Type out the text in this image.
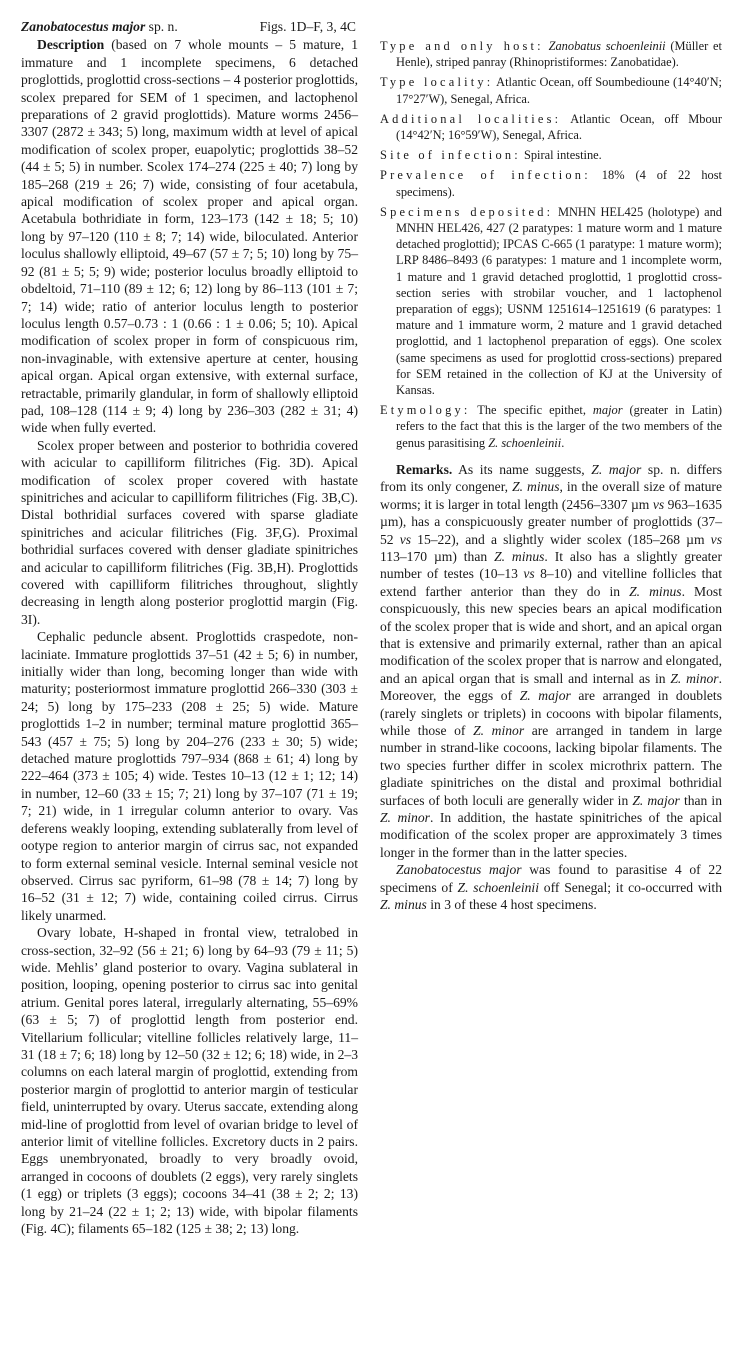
Zanobatocestus major sp. n.	Figs. 1D–F, 3, 4C

Description (based on 7 whole mounts – 5 mature, 1 immature and 1 incomplete specimens, 6 detached proglottids, proglottid cross-sections – 4 posterior proglottids, scolex prepared for SEM of 1 specimen, and lactophenol preparations of 2 gravid proglottids). Mature worms 2456–3307 (2872 ± 343; 5) long, maximum width at level of apical modification of scolex proper, euapolytic; proglottids 38–52 (44 ± 5; 5) in number. Scolex 174–274 (225 ± 40; 7) long by 185–268 (219 ± 26; 7) wide, consisting of four acetabula, apical modification of scolex proper and apical organ. Acetabula bothridiate in form, 123–173 (142 ± 18; 5; 10) long by 97–120 (110 ± 8; 7; 14) wide, biloculated. Anterior loculus shallowly elliptoid, 49–67 (57 ± 7; 5; 10) long by 75–92 (81 ± 5; 5; 9) wide; posterior loculus broadly elliptoid to obdeltoid, 71–110 (89 ± 12; 6; 12) long by 86–113 (101 ± 7; 7; 14) wide; ratio of anterior loculus length to posterior loculus length 0.57–0.73 : 1 (0.66 : 1 ± 0.06; 5; 10). Apical modification of scolex proper in form of conspicuous rim, non-invaginable, with extensive aperture at center, housing apical organ. Apical organ extensive, with external surface, retractable, primarily glandular, in form of shallowly elliptoid pad, 108–128 (114 ± 9; 4) long by 236–303 (282 ± 31; 4) wide when fully everted.

Scolex proper between and posterior to bothridia covered with acicular to capilliform filitriches (Fig. 3D). Apical modification of scolex proper covered with hastate spinitriches and acicular to capilliform filitriches (Fig. 3B,C). Distal bothridial surfaces covered with sparse gladiate spinitriches and acicular filitriches (Fig. 3F,G). Proximal bothridial surfaces covered with denser gladiate spinitriches and acicular to capilliform filitriches (Fig. 3B,H). Proglottids covered with capilliform filitriches throughout, slightly decreasing in length along posterior proglottid margin (Fig. 3I).

Cephalic peduncle absent. Proglottids craspedote, non-laciniate. Immature proglottids 37–51 (42 ± 5; 6) in number, initially wider than long, becoming longer than wide with maturity; posteriormost immature proglottid 266–330 (303 ± 24; 5) long by 175–233 (208 ± 25; 5) wide. Mature proglottids 1–2 in number; terminal mature proglottid 365–543 (457 ± 75; 5) long by 204–276 (233 ± 30; 5) wide; detached mature proglottids 797–934 (868 ± 61; 4) long by 222–464 (373 ± 105; 4) wide. Testes 10–13 (12 ± 1; 12; 14) in number, 12–60 (33 ± 15; 7; 21) long by 37–107 (71 ± 19; 7; 21) wide, in 1 irregular column anterior to ovary. Vas deferens weakly looping, extending sublaterally from level of ootype region to anterior margin of cirrus sac, not expanded to form external seminal vesicle. Internal seminal vesicle not observed. Cirrus sac pyriform, 61–98 (78 ± 14; 7) long by 16–52 (31 ± 12; 7) wide, containing coiled cirrus. Cirrus likely unarmed.

Ovary lobate, H-shaped in frontal view, tetralobed in cross-section, 32–92 (56 ± 21; 6) long by 64–93 (79 ± 11; 5) wide. Mehlis’ gland posterior to ovary. Vagina sublateral in position, looping, opening posterior to cirrus sac into genital atrium. Genital pores lateral, irregularly alternating, 55–69% (63 ± 5; 7) of proglottid length from posterior end. Vitellarium follicular; vitelline follicles relatively large, 11–31 (18 ± 7; 6; 18) long by 12–50 (32 ± 12; 6; 18) wide, in 2–3 columns on each lateral margin of proglottid, extending from posterior margin of proglottid to anterior margin of testicular field, uninterrupted by ovary. Uterus saccate, extending along mid-line of proglottid from level of ovarian bridge to level of anterior limit of vitelline follicles. Excretory ducts in 2 pairs. Eggs unembryonated, broadly to very broadly ovoid, arranged in cocoons of doublets (2 eggs), very rarely singlets (1 egg) or triplets (3 eggs); cocoons 34–41 (38 ± 2; 2; 13) long by 21–24 (22 ± 1; 2; 13) wide, with bipolar filaments (Fig. 4C); filaments 65–182 (125 ± 38; 2; 13) long.

Type and only host: Zanobatus schoenleinii (Müller et Henle), striped panray (Rhinopristiformes: Zanobatidae).

Type locality: Atlantic Ocean, off Soumbedioune (14°40′N; 17°27′W), Senegal, Africa.

Additional localities: Atlantic Ocean, off Mbour (14°42′N; 16°59′W), Senegal, Africa.

Site of infection: Spiral intestine.

Prevalence of infection: 18% (4 of 22 host specimens).

Specimens deposited: MNHN HEL425 (holotype) and MNHN HEL426, 427 (2 paratypes: 1 mature worm and 1 mature detached proglottid); IPCAS C-665 (1 paratype: 1 mature worm); LRP 8486–8493 (6 paratypes: 1 mature and 1 incomplete worm, 1 mature and 1 gravid detached proglottid, 1 proglottid cross-section series with strobilar voucher, and 1 lactophenol preparation of eggs); USNM 1251614–1251619 (6 paratypes: 1 mature and 1 immature worm, 2 mature and 1 gravid detached proglottid, and 1 lactophenol preparation of eggs). One scolex (same specimens as used for proglottid cross-sections) prepared for SEM retained in the collection of KJ at the University of Kansas.

Etymology: The specific epithet, major (greater in Latin) refers to the fact that this is the larger of the two members of the genus parasitising Z. schoenleinii.

Remarks. As its name suggests, Z. major sp. n. differs from its only congener, Z. minus, in the overall size of mature worms; it is larger in total length (2456–3307 µm vs 963–1635 µm), has a conspicuously greater number of proglottids (37–52 vs 15–22), and a slightly wider scolex (185–268 µm vs 113–170 µm) than Z. minus. It also has a slightly greater number of testes (10–13 vs 8–10) and vitelline follicles that extend farther anterior than they do in Z. minus. Most conspicuously, this new species bears an apical modification of the scolex proper that is wide and short, and an apical organ that is extensive and primarily external, rather than an apical modification of the scolex proper that is narrow and elongated, and an apical organ that is small and internal as in Z. minor. Moreover, the eggs of Z. major are arranged in doublets (rarely singlets or triplets) in cocoons with bipolar filaments, while those of Z. minor are arranged in tandem in large number in strand-like cocoons, lacking bipolar filaments. The two species further differ in scolex microthrix pattern. The gladiate spinitriches on the distal and proximal bothridial surfaces of both loculi are generally wider in Z. major than in Z. minor. In addition, the hastate spinitriches of the apical modification of the scolex proper are approximately 3 times longer in the former than in the latter species.

Zanobatocestus major was found to parasitise 4 of 22 specimens of Z. schoenleinii off Senegal; it co-occurred with Z. minus in 3 of these 4 host specimens.
